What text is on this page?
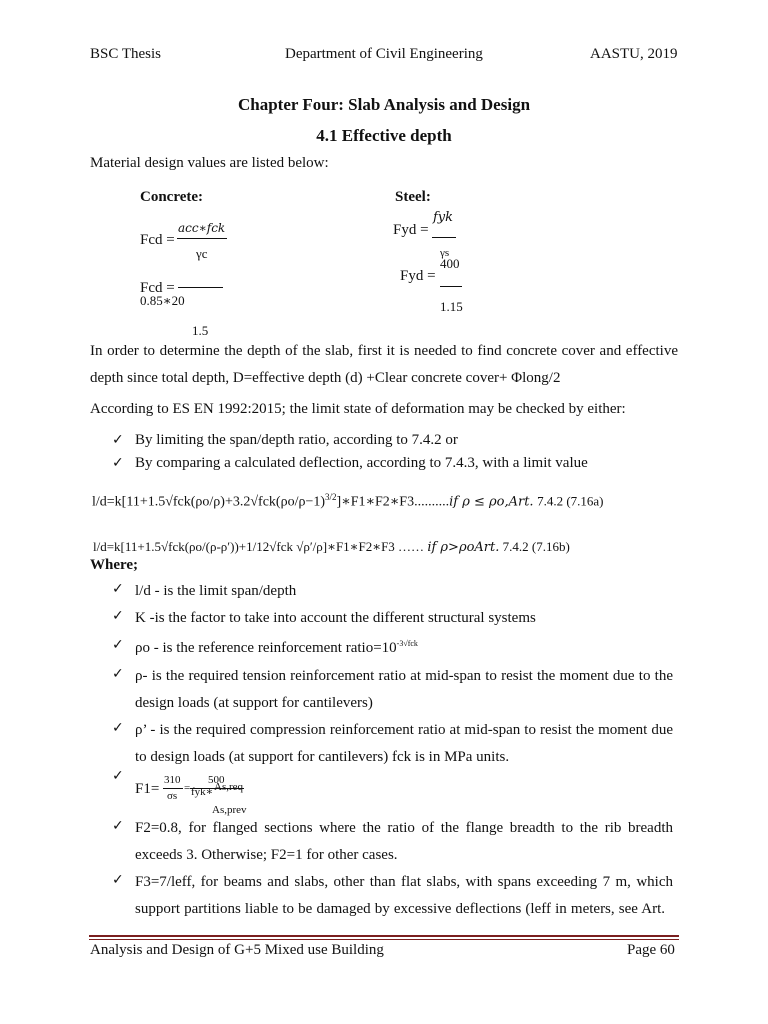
BSC Thesis	Department of Civil Engineering	AASTU, 2019
Chapter Four: Slab Analysis and Design
4.1 Effective depth
Material design values are listed below:
Concrete:
Fcd =
acc∗fck
γc
Fcd =
0.85∗20
1.5
Steel:
fyk
Fyd =
γs
400
Fyd =
1.15
In order to determine the depth of the slab, first it is needed to find concrete cover and effective
depth since total depth, D=effective depth (d) +Clear concrete cover+ Φlong/2
According to ES EN 1992:2015; the limit state of deformation may be checked by either:
✓ By limiting the span/depth ratio, according to 7.4.2 or
✓ By comparing a calculated deflection, according to 7.4.3, with a limit value
$l/d=k[11+1.5√fck(\rho o/\rho)+3.2√fck(\rho o/\rho-1)^{3/2}]∗F1∗F2∗F3..........if$ ρ ≤ ρo,Art. 7.4.2 (7.16a)
l/d=k[11+1.5√fck(ρo/(ρ-ρ′))+1/12√fck √ρ′/ρ]∗F1∗F2∗F3 …… if ρ>ρoArt. 7.4.2 (7.16b)
Where;
✓ l/d - is the limit span/depth
✓ K -is the factor to take into account the different structural systems
✓ ρo - is the reference reinforcement $ratio=10^{-3√fck}$
✓ ρ- is the required tension reinforcement ratio at mid-span to resist the moment due to the
design loads (at support for cantilevers)
✓ ρ’ - is the required compression reinforcement ratio at mid-span to resist the moment due
to design loads (at support for cantilevers) fck is in MPa units.
✓
F1=
310
σs
=
500
fyk∗ As,req
As,prev
✓ F2=0.8, for flanged sections where the ratio of the flange breadth to the rib breadth
exceeds 3. Otherwise; F2=1 for other cases.
✓ F3=7/leff, for beams and slabs, other than flat slabs, with spans exceeding 7 m, which
support partitions liable to be damaged by excessive deflections (leff in meters, see Art.
Analysis and Design of G+5 Mixed use Building	Page 60
